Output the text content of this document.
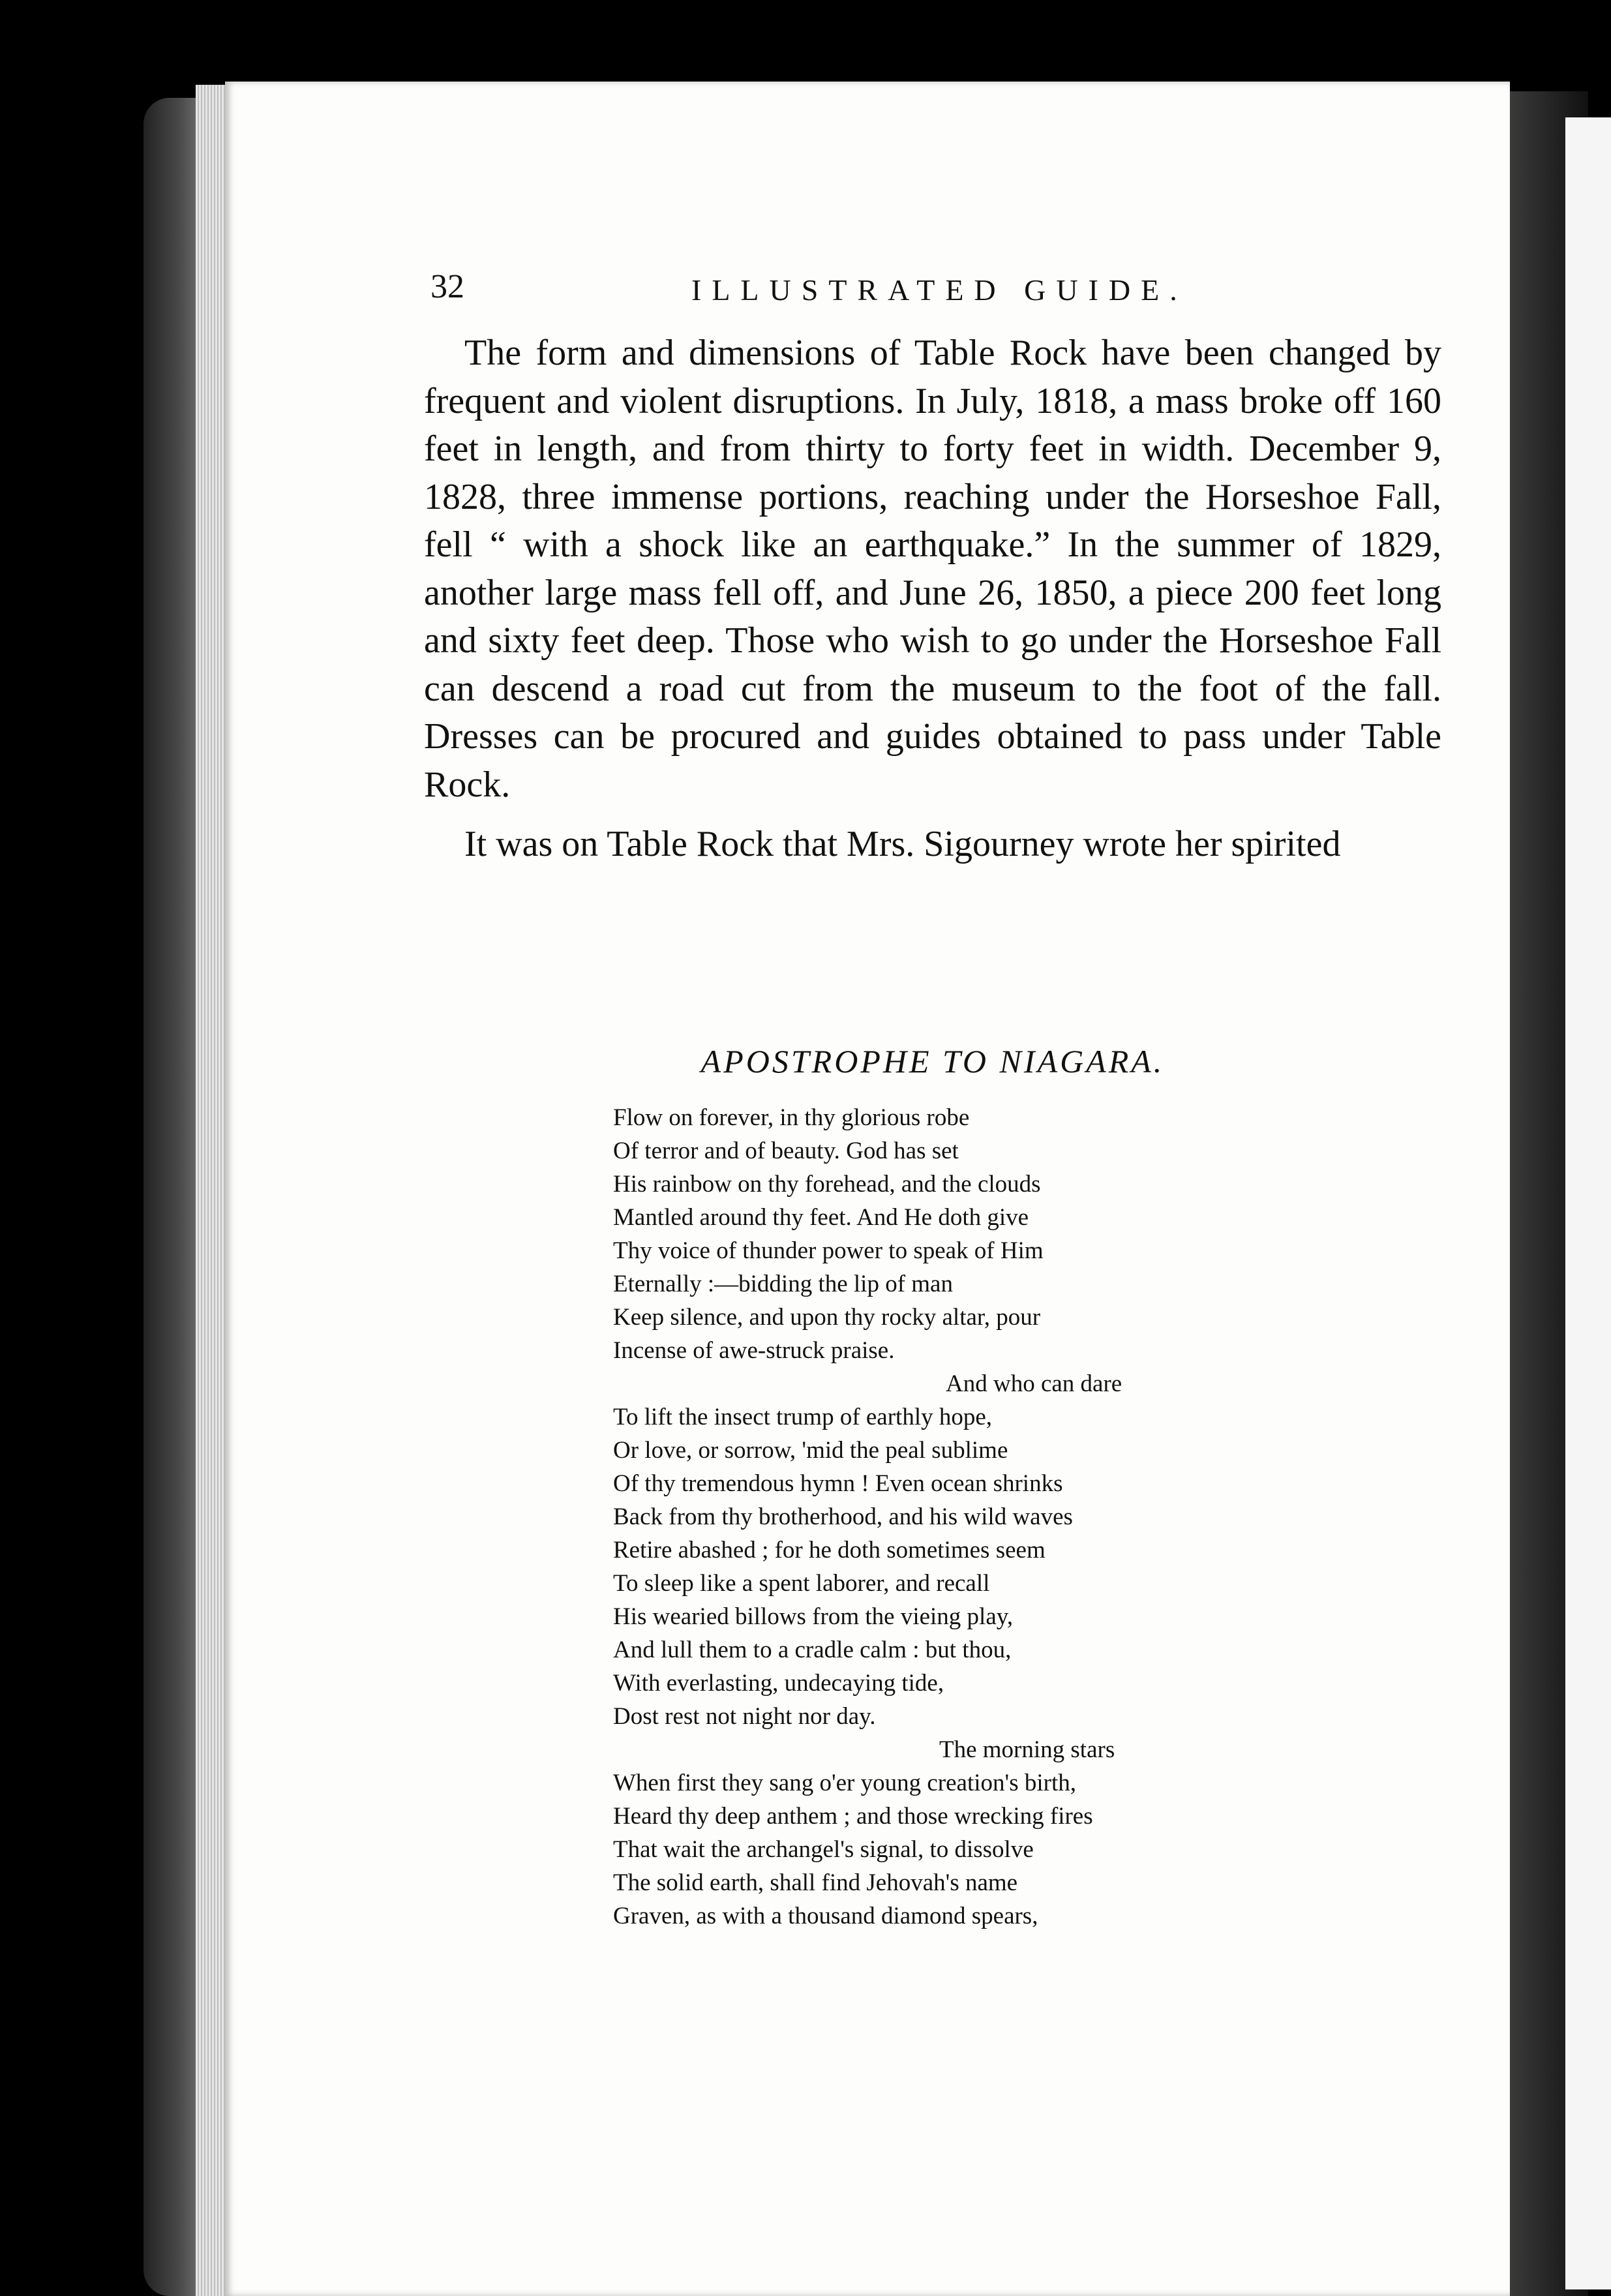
32	ILLUSTRATED GUIDE.

The form and dimensions of Table Rock have been changed by frequent and violent disruptions. In July, 1818, a mass broke off 160 feet in length, and from thirty to forty feet in width. December 9, 1828, three immense portions, reaching under the Horseshoe Fall, fell “ with a shock like an earthquake.” In the summer of 1829, another large mass fell off, and June 26, 1850, a piece 200 feet long and sixty feet deep. Those who wish to go under the Horseshoe Fall can descend a road cut from the museum to the foot of the fall. Dresses can be procured and guides obtained to pass under Table Rock.

It was on Table Rock that Mrs. Sigourney wrote her spirited

APOSTROPHE TO NIAGARA.
Flow on forever, in thy glorious robe
Of terror and of beauty. God has set
His rainbow on thy forehead, and the clouds
Mantled around thy feet. And He doth give
Thy voice of thunder power to speak of Him
Eternally :—bidding the lip of man
Keep silence, and upon thy rocky altar, pour
Incense of awe-struck praise.
And who can dare
To lift the insect trump of earthly hope,
Or love, or sorrow, 'mid the peal sublime
Of thy tremendous hymn ! Even ocean shrinks
Back from thy brotherhood, and his wild waves
Retire abashed ; for he doth sometimes seem
To sleep like a spent laborer, and recall
His wearied billows from the vieing play,
And lull them to a cradle calm : but thou,
With everlasting, undecaying tide,
Dost rest not night nor day.
The morning stars
When first they sang o'er young creation's birth,
Heard thy deep anthem ; and those wrecking fires
That wait the archangel's signal, to dissolve
The solid earth, shall find Jehovah's name
Graven, as with a thousand diamond spears,
